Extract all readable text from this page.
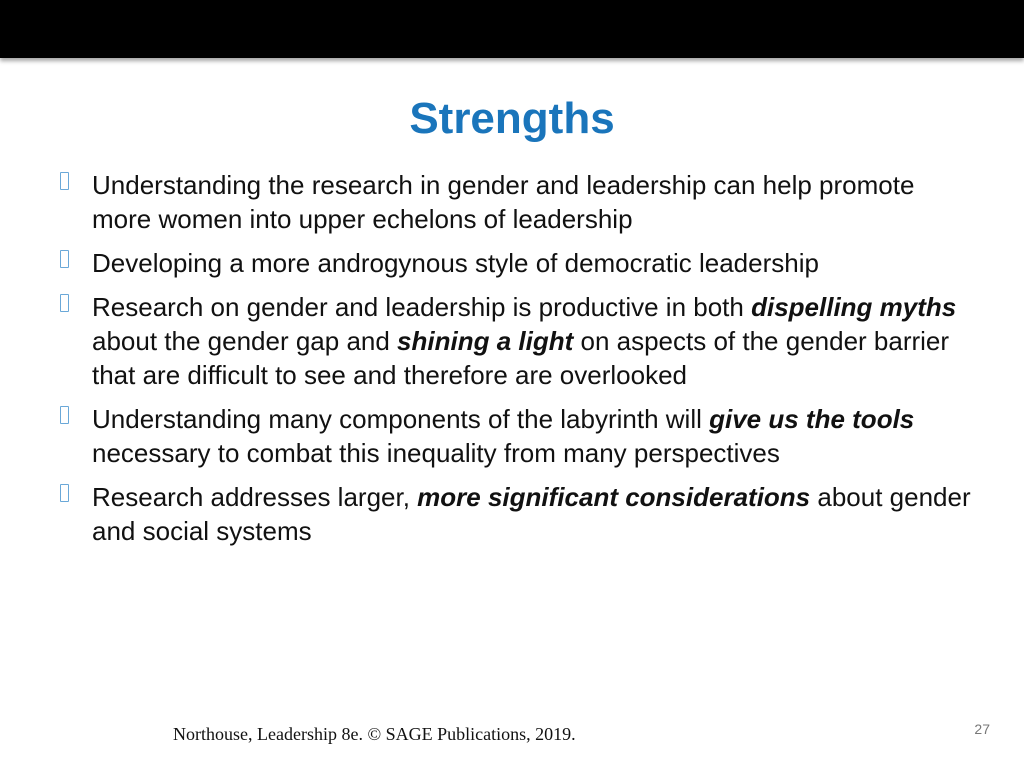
Strengths
Understanding the research in gender and leadership can help promote more women into upper echelons of leadership
Developing a more androgynous style of democratic leadership
Research on gender and leadership is productive in both dispelling myths about the gender gap and shining a light on aspects of the gender barrier that are difficult to see and therefore are overlooked
Understanding many components of the labyrinth will give us the tools necessary to combat this inequality from many perspectives
Research addresses larger, more significant considerations about gender and social systems
Northouse, Leadership 8e. © SAGE Publications, 2019.	27
